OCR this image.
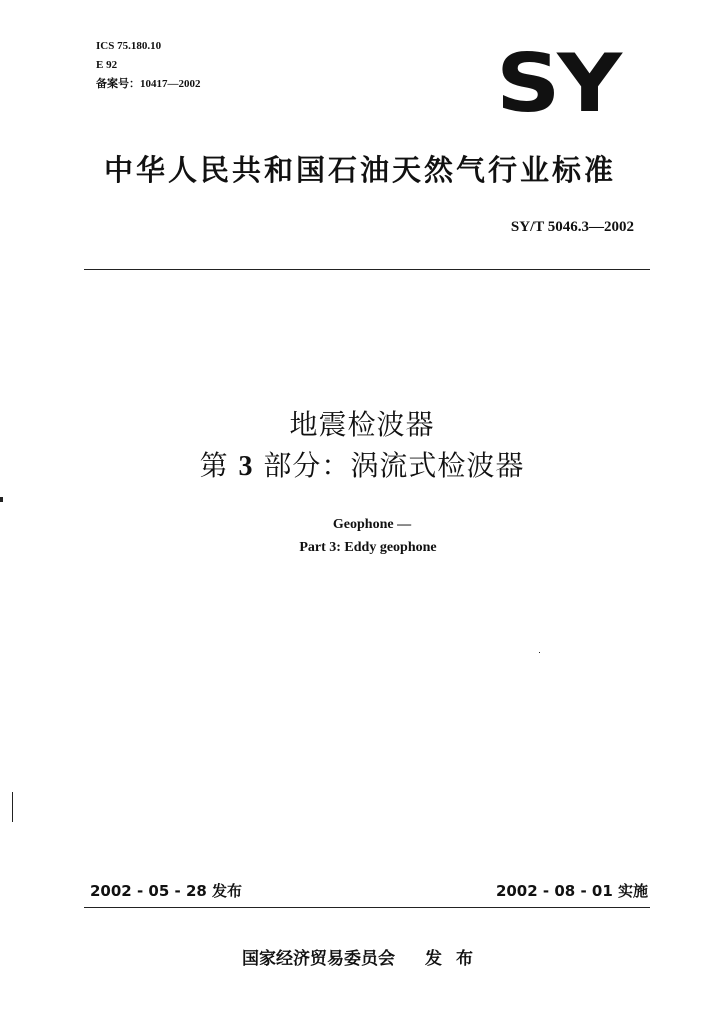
ICS 75.180.10
E 92
备案号：10417—2002	SY
中华人民共和国石油天然气行业标准
SY/T 5046.3—2002
地震检波器
第 3 部分：涡流式检波器
Geophone —
Part 3: Eddy geophone
2002 - 05 - 28 发布	2002 - 08 - 01 实施
国家经济贸易委员会 发布
